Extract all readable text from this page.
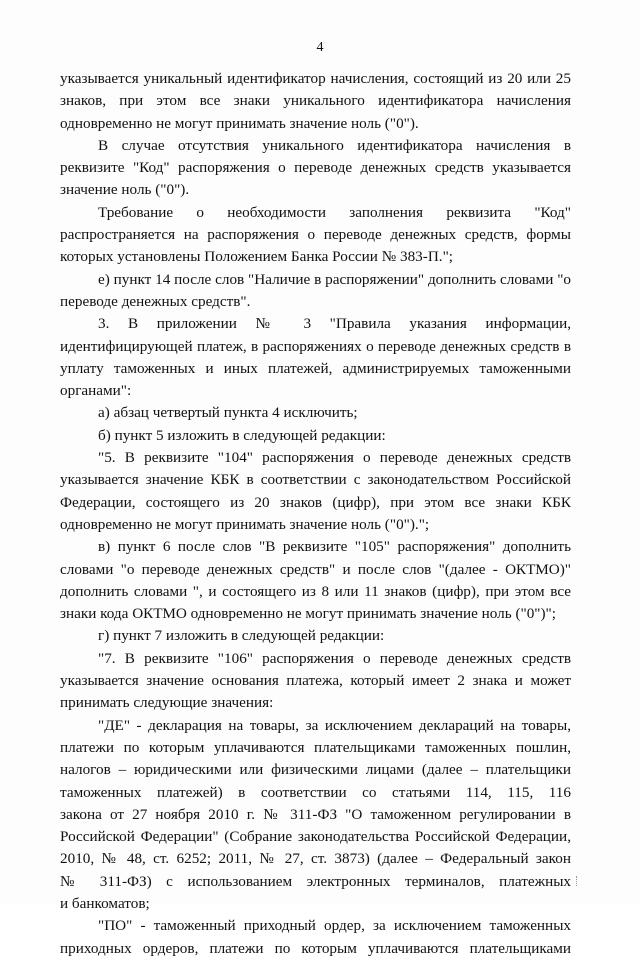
4
указывается уникальный идентификатор начисления, состоящий из 20 или 25
знаков, при этом все знаки уникального идентификатора начисления
одновременно не могут принимать значение ноль ("0").
В случае отсутствия уникального идентификатора начисления в
реквизите "Код" распоряжения о переводе денежных средств указывается
значение ноль ("0").
Требование о необходимости заполнения реквизита "Код"
распространяется на распоряжения о переводе денежных средств, формы
которых установлены Положением Банка России № 383-П.";
е) пункт 14 после слов "Наличие в распоряжении" дополнить словами "о
переводе денежных средств".
3. В приложении № 3 "Правила указания информации,
идентифицирующей платеж, в распоряжениях о переводе денежных средств в
уплату таможенных и иных платежей, администрируемых таможенными
органами":
а) абзац четвертый пункта 4 исключить;
б) пункт 5 изложить в следующей редакции:
"5. В реквизите "104" распоряжения о переводе денежных средств
указывается значение КБК в соответствии с законодательством Российской
Федерации, состоящего из 20 знаков (цифр), при этом все знаки КБК
одновременно не могут принимать значение ноль ("0").";
в) пункт 6 после слов "В реквизите "105" распоряжения" дополнить
словами "о переводе денежных средств" и после слов "(далее - ОКТМО)"
дополнить словами ", и состоящего из 8 или 11 знаков (цифр), при этом все
знаки кода ОКТМО одновременно не могут принимать значение ноль ("0")";
г) пункт 7 изложить в следующей редакции:
"7. В реквизите "106" распоряжения о переводе денежных средств
указывается значение основания платежа, который имеет 2 знака и может
принимать следующие значения:
"ДЕ" - декларация на товары, за исключением деклараций на товары,
платежи по которым уплачиваются плательщиками таможенных пошлин,
налогов – юридическими или физическими лицами (далее – плательщики
таможенных платежей) в соответствии со статьями 114, 115, 116
закона от 27 ноября 2010 г. № 311-ФЗ "О таможенном регулировании в
Российской Федерации" (Собрание законодательства Российской Федерации,
2010, № 48, ст. 6252; 2011, № 27, ст. 3873) (далее – Федеральный закон
№ 311-ФЗ) с использованием электронных терминалов, платежных
и банкоматов;
"ПО" - таможенный приходный ордер, за исключением таможенных
приходных ордеров, платежи по которым уплачиваются плательщиками
